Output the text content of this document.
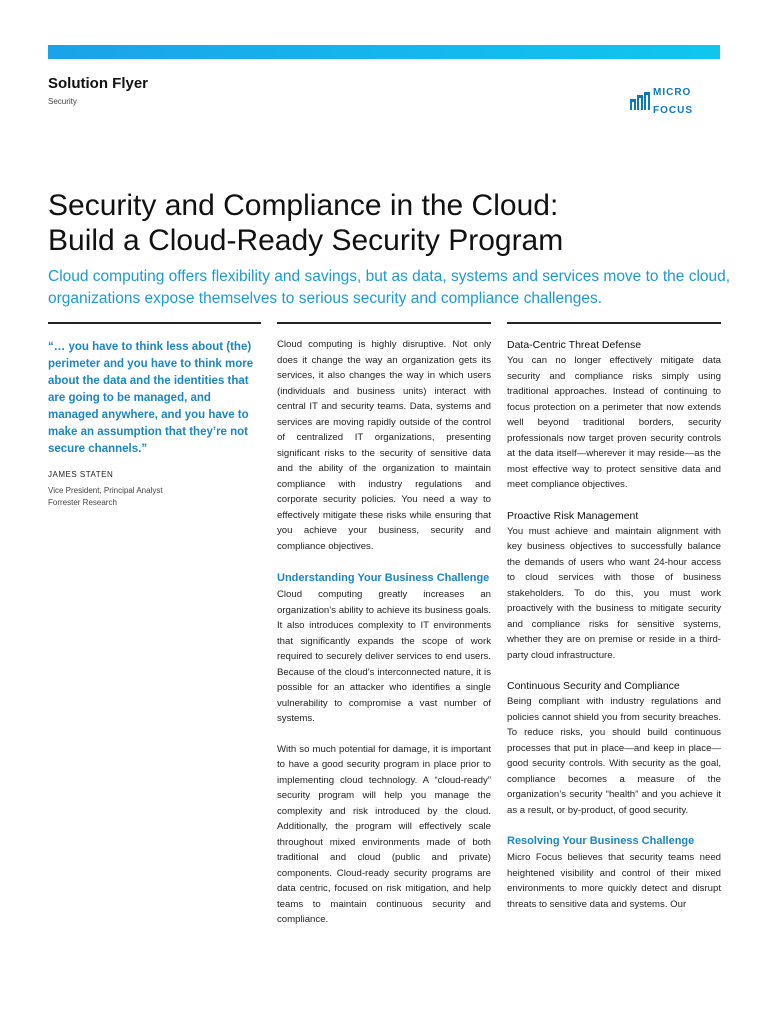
Solution Flyer
Security

MICRO

FOCUS

Security and Compliance in the Cloud:
Build a Cloud-Ready Security Program

Cloud computing offers flexibility and savings, but as data, systems and services move to the cloud, organizations expose themselves to serious security and compliance challenges.

“… you have to think less about (the) perimeter and you have to think more about the data and the identities that are going to be managed, and managed anywhere, and you have to make an assumption that they’re not secure channels.”

JAMES STATEN
Vice President, Principal Analyst
Forrester Research

Cloud computing is highly disruptive. Not only does it change the way an organization gets its services, it also changes the way in which users (individuals and business units) interact with central IT and security teams. Data, systems and services are moving rapidly outside of the control of centralized IT organizations, presenting significant risks to the security of sensitive data and the ability of the organization to maintain compliance with industry regulations and corporate security policies. You need a way to effectively mitigate these risks while ensuring that you achieve your business, security and compliance objectives.

Understanding Your Business Challenge

Cloud computing greatly increases an organization’s ability to achieve its business goals. It also introduces complexity to IT environments that significantly expands the scope of work required to securely deliver services to end users. Because of the cloud’s interconnected nature, it is possible for an attacker who identifies a single vulnerability to compromise a vast number of systems.

With so much potential for damage, it is important to have a good security program in place prior to implementing cloud technology. A “cloud-ready” security program will help you manage the complexity and risk introduced by the cloud. Additionally, the program will effectively scale throughout mixed environments made of both traditional and cloud (public and private) components. Cloud-ready security programs are data centric, focused on risk mitigation, and help teams to maintain continuous security and compliance.

Data-Centric Threat Defense

You can no longer effectively mitigate data security and compliance risks simply using traditional approaches. Instead of continuing to focus protection on a perimeter that now extends well beyond traditional borders, security professionals now target proven security controls at the data itself—wherever it may reside—as the most effective way to protect sensitive data and meet compliance objectives.

Proactive Risk Management

You must achieve and maintain alignment with key business objectives to successfully balance the demands of users who want 24-hour access to cloud services with those of business stakeholders. To do this, you must work proactively with the business to mitigate security and compliance risks for sensitive systems, whether they are on premise or reside in a third-party cloud infrastructure.

Continuous Security and Compliance

Being compliant with industry regulations and policies cannot shield you from security breaches. To reduce risks, you should build continuous processes that put in place—and keep in place—good security controls. With security as the goal, compliance becomes a measure of the organization’s security “health” and you achieve it as a result, or by-product, of good security.

Resolving Your Business Challenge

Micro Focus believes that security teams need heightened visibility and control of their mixed environments to more quickly detect and disrupt threats to sensitive data and systems. Our
